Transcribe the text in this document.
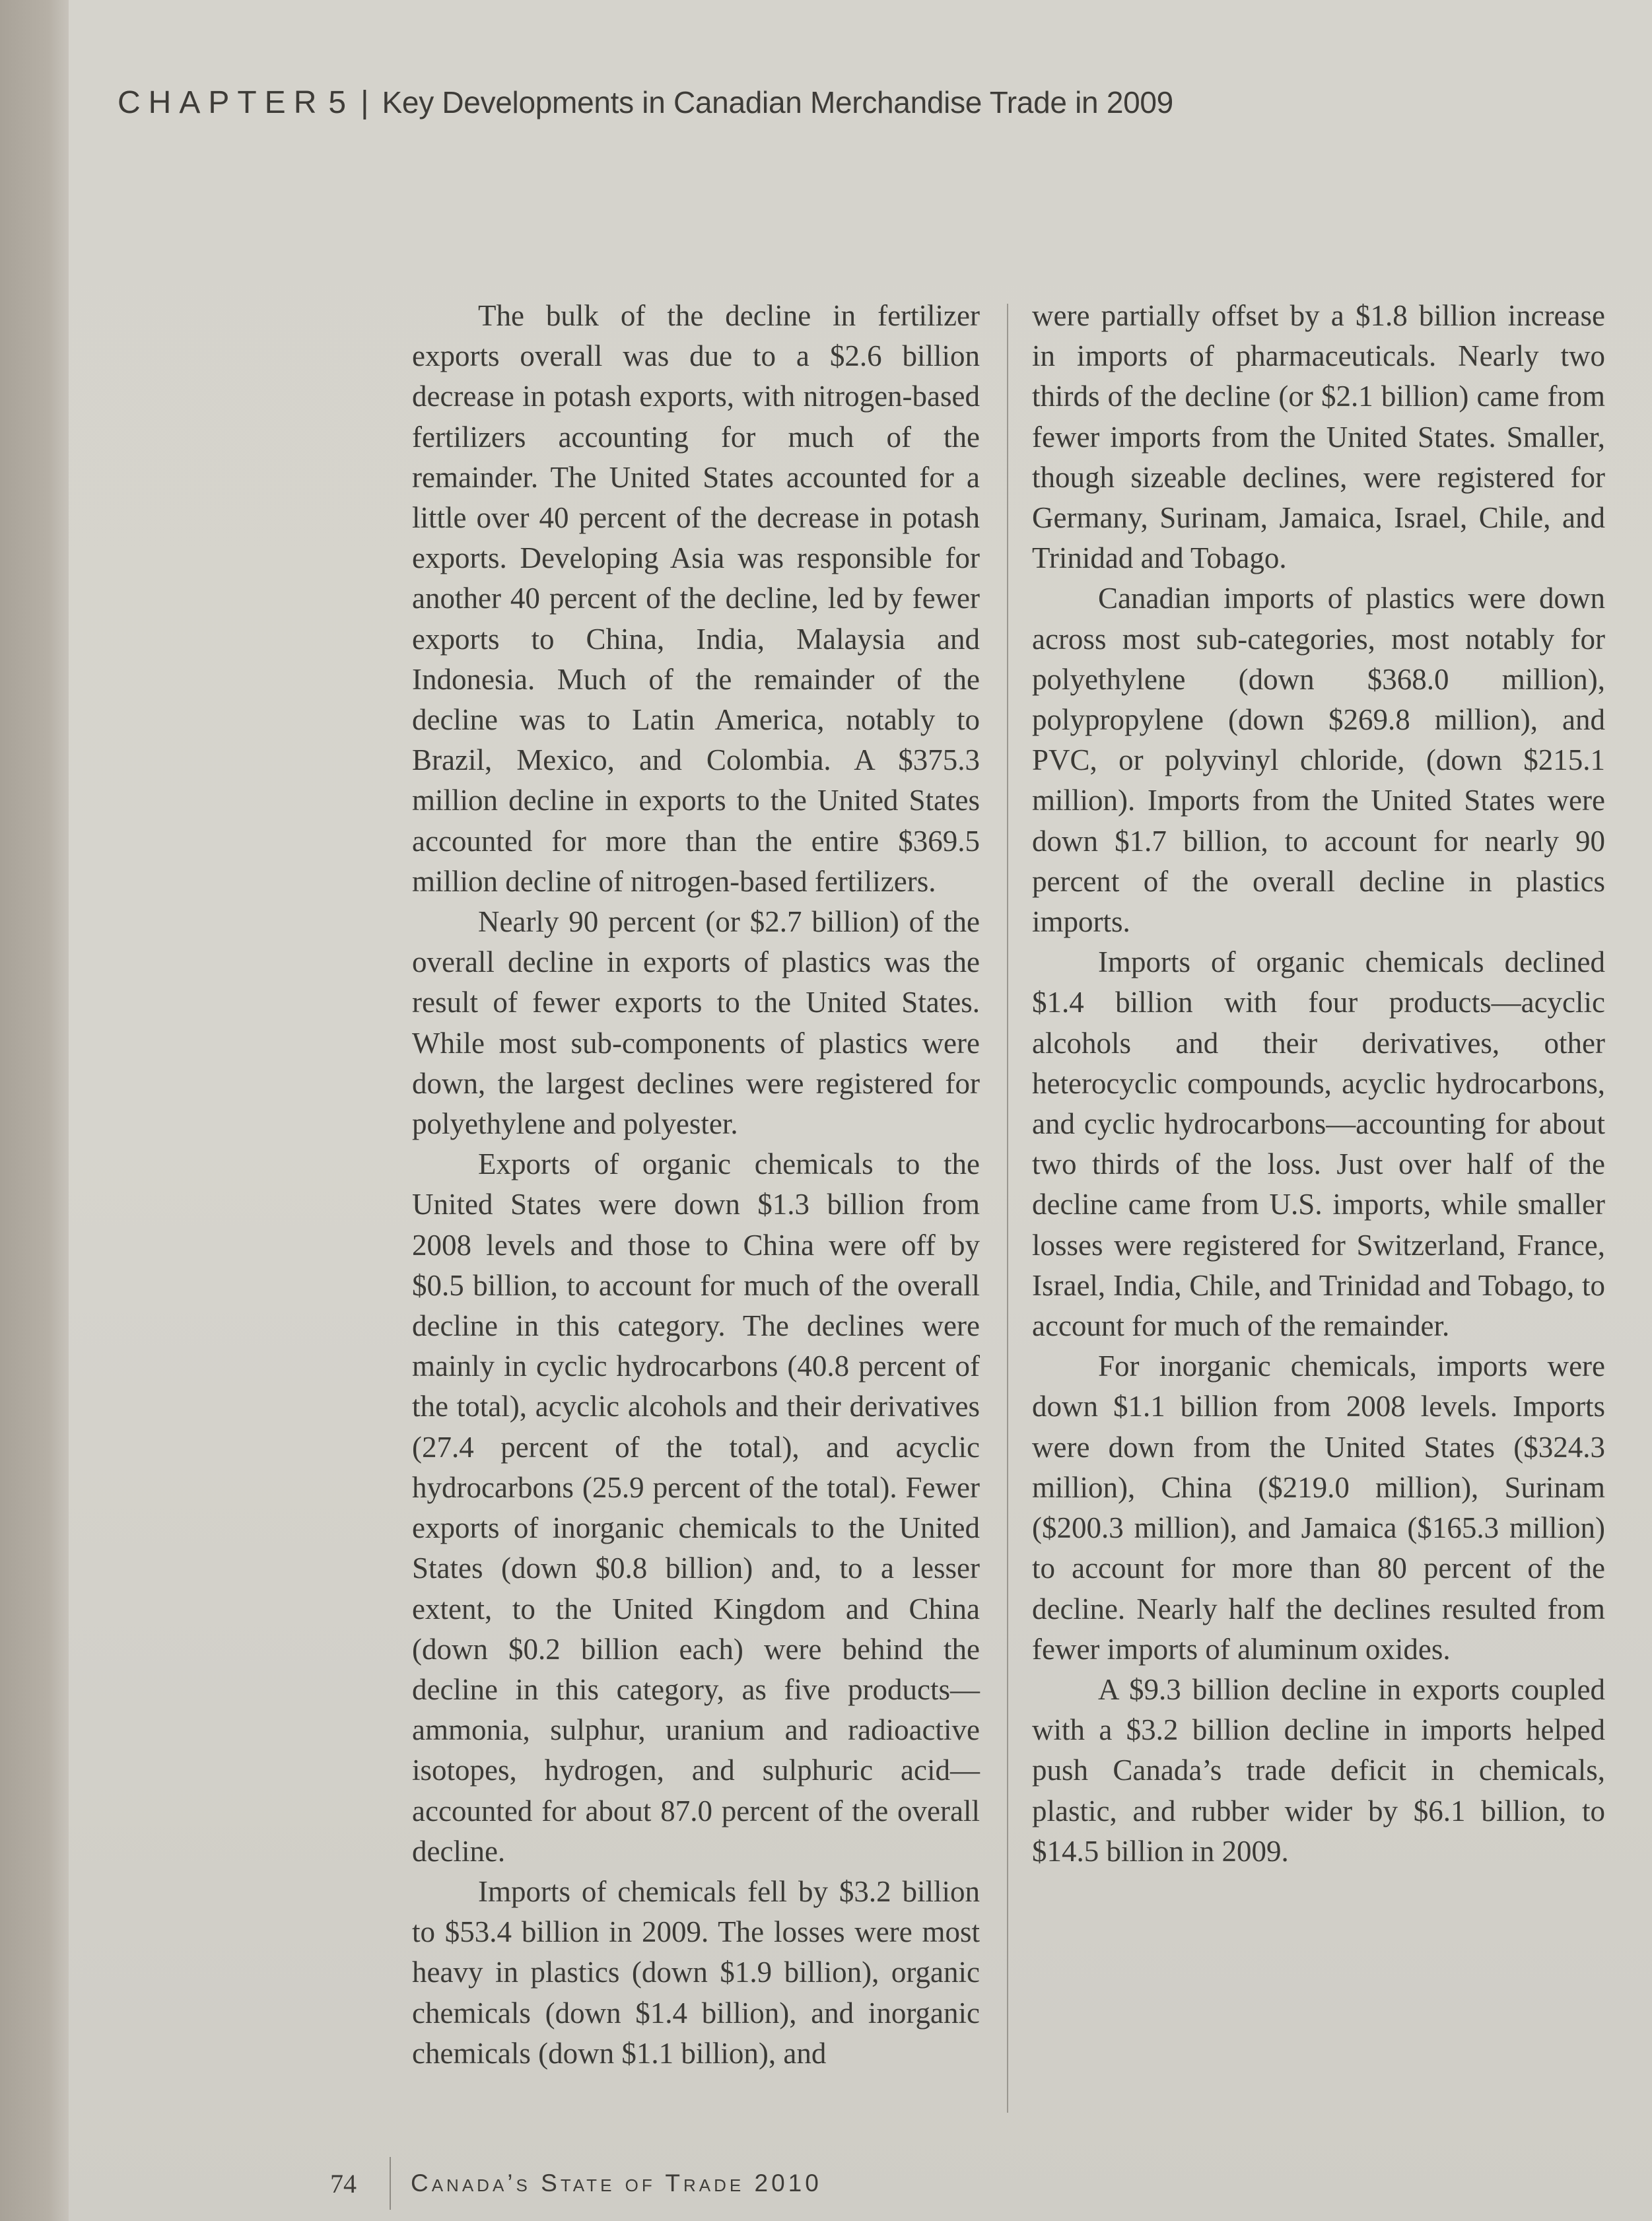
CHAPTER 5 | Key Developments in Canadian Merchandise Trade in 2009

The bulk of the decline in fertilizer exports overall was due to a $2.6 billion decrease in potash exports, with nitrogen-based fertilizers accounting for much of the remainder. The United States accounted for a little over 40 percent of the decrease in potash exports. Developing Asia was responsible for another 40 percent of the decline, led by fewer exports to China, India, Malaysia and Indonesia. Much of the remainder of the decline was to Latin America, notably to Brazil, Mexico, and Colombia. A $375.3 million decline in exports to the United States accounted for more than the entire $369.5 million decline of nitrogen-based fertilizers.

Nearly 90 percent (or $2.7 billion) of the overall decline in exports of plastics was the result of fewer exports to the United States. While most sub-components of plastics were down, the largest declines were registered for polyethylene and polyester.

Exports of organic chemicals to the United States were down $1.3 billion from 2008 levels and those to China were off by $0.5 billion, to account for much of the overall decline in this category. The declines were mainly in cyclic hydrocarbons (40.8 percent of the total), acyclic alcohols and their derivatives (27.4 percent of the total), and acyclic hydrocarbons (25.9 percent of the total). Fewer exports of inorganic chemicals to the United States (down $0.8 billion) and, to a lesser extent, to the United Kingdom and China (down $0.2 billion each) were behind the decline in this category, as five products—ammonia, sulphur, uranium and radioactive isotopes, hydrogen, and sulphuric acid—accounted for about 87.0 percent of the overall decline.

Imports of chemicals fell by $3.2 billion to $53.4 billion in 2009. The losses were most heavy in plastics (down $1.9 billion), organic chemicals (down $1.4 billion), and inorganic chemicals (down $1.1 billion), and

were partially offset by a $1.8 billion increase in imports of pharmaceuticals. Nearly two thirds of the decline (or $2.1 billion) came from fewer imports from the United States. Smaller, though sizeable declines, were registered for Germany, Surinam, Jamaica, Israel, Chile, and Trinidad and Tobago.

Canadian imports of plastics were down across most sub-categories, most notably for polyethylene (down $368.0 million), polypropylene (down $269.8 million), and PVC, or polyvinyl chloride, (down $215.1 million). Imports from the United States were down $1.7 billion, to account for nearly 90 percent of the overall decline in plastics imports.

Imports of organic chemicals declined $1.4 billion with four products—acyclic alcohols and their derivatives, other heterocyclic compounds, acyclic hydrocarbons, and cyclic hydrocarbons—accounting for about two thirds of the loss. Just over half of the decline came from U.S. imports, while smaller losses were registered for Switzerland, France, Israel, India, Chile, and Trinidad and Tobago, to account for much of the remainder.

For inorganic chemicals, imports were down $1.1 billion from 2008 levels. Imports were down from the United States ($324.3 million), China ($219.0 million), Surinam ($200.3 million), and Jamaica ($165.3 million) to account for more than 80 percent of the decline. Nearly half the declines resulted from fewer imports of aluminum oxides.

A $9.3 billion decline in exports coupled with a $3.2 billion decline in imports helped push Canada’s trade deficit in chemicals, plastic, and rubber wider by $6.1 billion, to $14.5 billion in 2009.

74	Canada’s State of Trade 2010
